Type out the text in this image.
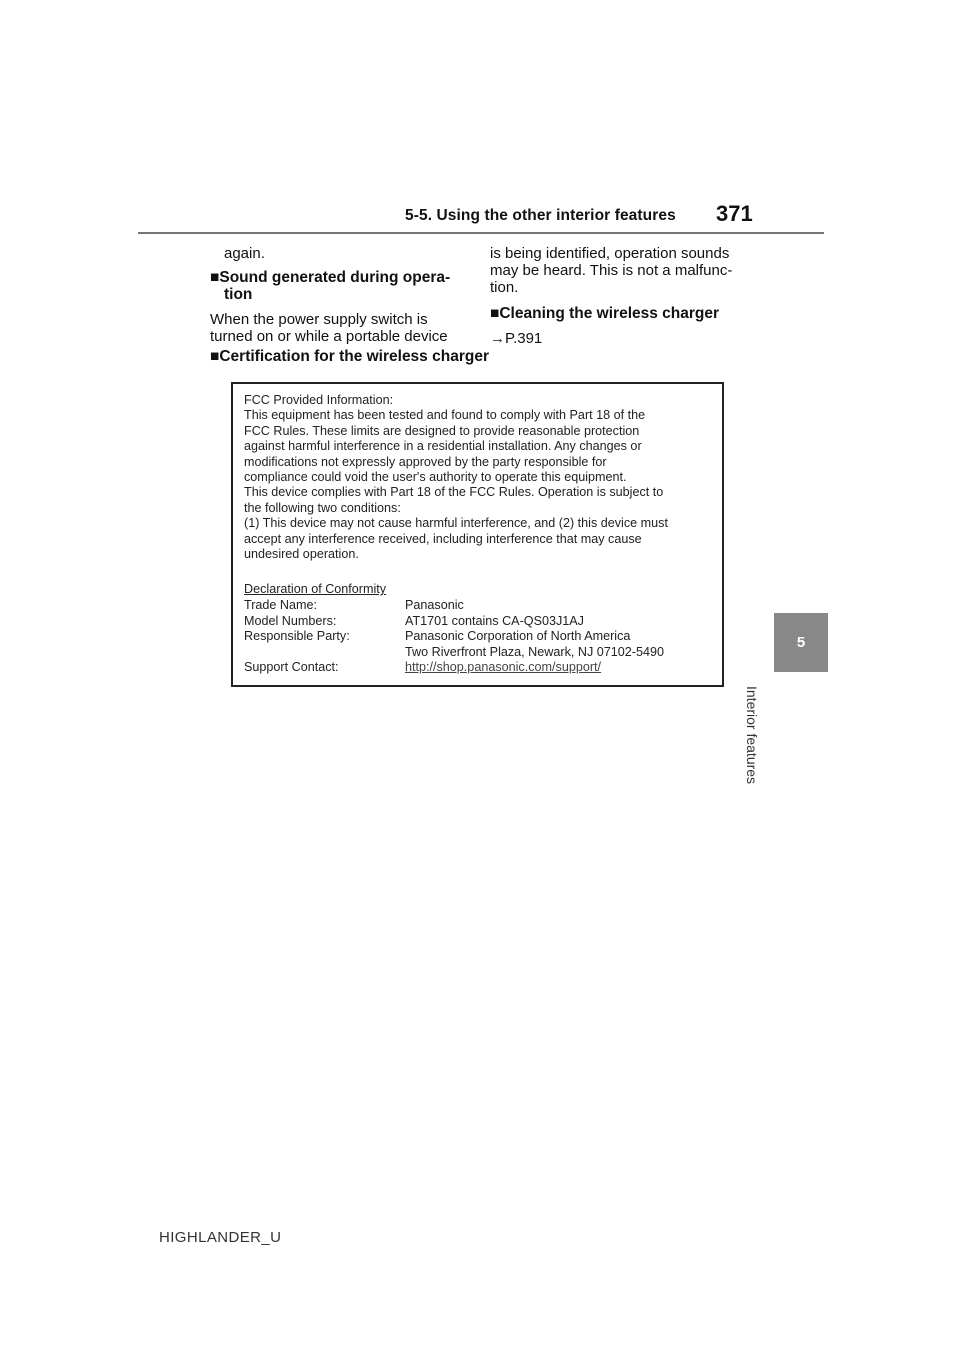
5-5. Using the other interior features 371
5
Interior features
again.
■Sound generated during opera-
tion
When the power supply switch is
turned on or while a portable device
is being identified, operation sounds
may be heard. This is not a malfunc-
tion.
■Cleaning the wireless charger
→P.391
■Certification for the wireless charger
FCC Provided Information:
This equipment has been tested and found to comply with Part 18 of the
FCC Rules. These limits are designed to provide reasonable protection
against harmful interference in a residential installation. Any changes or
modifications not expressly approved by the party responsible for
compliance could void the user's authority to operate this equipment.
This device complies with Part 18 of the FCC Rules. Operation is subject to
the following two conditions:
(1) This device may not cause harmful interference, and (2) this device must
accept any interference received, including interference that may cause
undesired operation.
Declaration of Conformity
Trade Name:	Panasonic
Model Numbers:	AT1701 contains CA-QS03J1AJ
Responsible Party:	Panasonic Corporation of North America
Two Riverfront Plaza, Newark, NJ 07102-5490
Support Contact:	http://shop.panasonic.com/support/
HIGHLANDER_U
